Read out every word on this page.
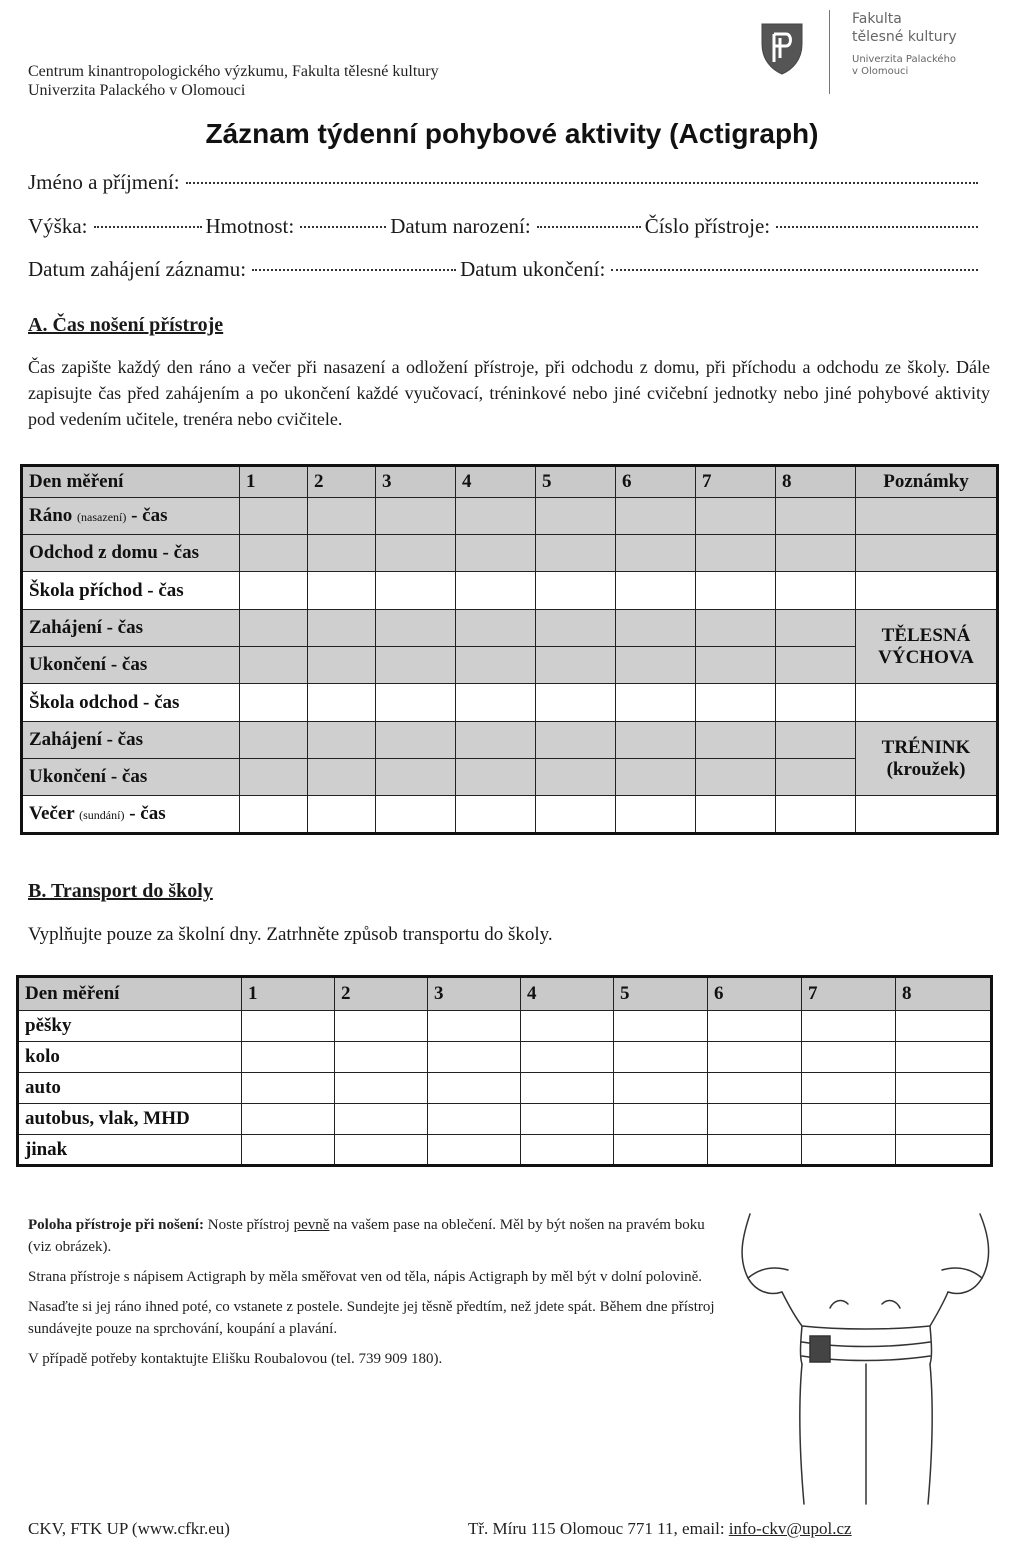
Centrum kinantropologického výzkumu, Fakulta tělesné kultury
Univerzita Palackého v Olomouci
Fakulta
tělesné kultury
Univerzita Palackého
v Olomouci
Záznam týdenní pohybové aktivity (Actigraph)
Jméno a příjmení:
Výška:	Hmotnost:	Datum narození:	Číslo přístroje:
Datum zahájení záznamu:	Datum ukončení:
A. Čas nošení přístroje
Čas zapište každý den ráno a večer při nasazení a odložení přístroje, při odchodu z domu, při příchodu a odchodu ze školy. Dále zapisujte čas před zahájením a po ukončení každé vyučovací, tréninkové nebo jiné cvičební jednotky nebo jiné pohybové aktivity pod vedením učitele, trenéra nebo cvičitele.
Den měření	1	2	3	4	5	6	7	8	Poznámky
Ráno (nasazení) - čas									
Odchod z domu - čas									
Škola příchod - čas									
Zahájení - čas									TĚLESNÁ
VÝCHOVA

Ukončení - čas									
Škola odchod - čas									
Zahájení - čas									TRÉNINK
(kroužek)

Ukončení - čas									
Večer (sundání) - čas									
B. Transport do školy
Vyplňujte pouze za školní dny. Zatrhněte způsob transportu do školy.
Den měření	1	2	3	4	5	6	7	8
pěšky								
kolo								
auto								
autobus, vlak, MHD								
jinak								

Poloha přístroje při nošení: Noste přístroj pevně na vašem pase na oblečení. Měl by být nošen na pravém boku (viz obrázek).

Strana přístroje s nápisem Actigraph by měla směřovat ven od těla, nápis Actigraph by měl být v dolní polovině.

Nasaďte si jej ráno ihned poté, co vstanete z postele. Sundejte jej těsně předtím, než jdete spát. Během dne přístroj sundávejte pouze na sprchování, koupání a plavání.

V případě potřeby kontaktujte Elišku Roubalovou (tel. 739 909 180).

CKV, FTK UP (www.cfkr.eu)	Tř. Míru 115 Olomouc 771 11, email: info-ckv@upol.cz
